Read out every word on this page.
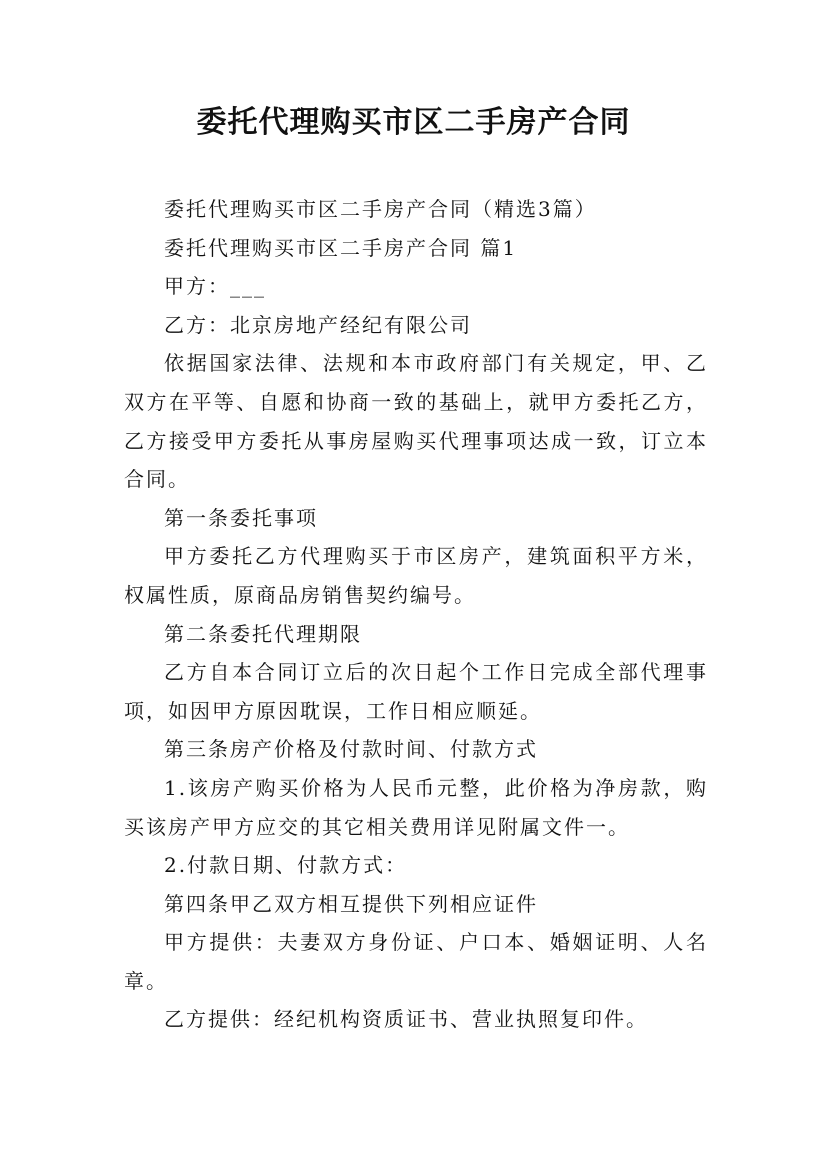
委托代理购买市区二手房产合同

委托代理购买市区二手房产合同（精选3篇）

委托代理购买市区二手房产合同 篇1

甲方：___

乙方：北京房地产经纪有限公司

依据国家法律、法规和本市政府部门有关规定，甲、乙双方在平等、自愿和协商一致的基础上，就甲方委托乙方，乙方接受甲方委托从事房屋购买代理事项达成一致，订立本合同。

第一条委托事项

甲方委托乙方代理购买于市区房产，建筑面积平方米，权属性质，原商品房销售契约编号。

第二条委托代理期限

乙方自本合同订立后的次日起个工作日完成全部代理事项，如因甲方原因耽误，工作日相应顺延。

第三条房产价格及付款时间、付款方式

1.该房产购买价格为人民币元整，此价格为净房款，购买该房产甲方应交的其它相关费用详见附属文件一。

2.付款日期、付款方式：

第四条甲乙双方相互提供下列相应证件

甲方提供：夫妻双方身份证、户口本、婚姻证明、人名章。

乙方提供：经纪机构资质证书、营业执照复印件。
